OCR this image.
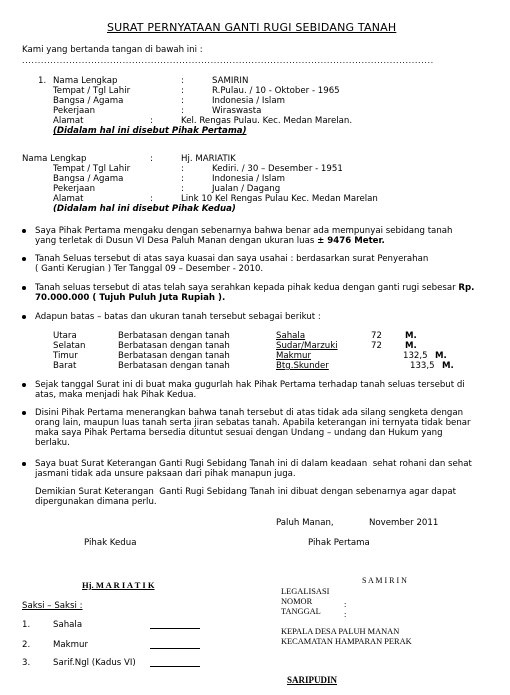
SURAT PERNYATAAN GANTI RUGI SEBIDANG TANAH
Kami yang bertanda tangan di bawah ini :
...................................................................................................................................
1. Nama Lengkap	:	SAMIRIN
Tempat / Tgl Lahir	:	R.Pulau. / 10 - Oktober - 1965
Bangsa / Agama	:	Indonesia / Islam
Pekerjaan	:	Wiraswasta
Alamat	:	Kel. Rengas Pulau. Kec. Medan Marelan.
(Didalam hal ini disebut Pihak Pertama)
Nama Lengkap	:	Hj. MARIATIK
Tempat / Tgl Lahir	:	Kediri. / 30 – Desember - 1951
Bangsa / Agama	:	Indonesia / Islam
Pekerjaan	:	Jualan / Dagang
Alamat	:	Link 10 Kel Rengas Pulau Kec. Medan Marelan
(Didalam hal ini disebut Pihak Kedua)
Saya Pihak Pertama mengaku dengan sebenarnya bahwa benar ada mempunyai sebidang tanah
yang terletak di Dusun VI Desa Paluh Manan dengan ukuran luas ± 9476 Meter.
Tanah Seluas tersebut di atas saya kuasai dan saya usahai : berdasarkan surat Penyerahan
( Ganti Kerugian ) Ter Tanggal 09 – Desember - 2010.
Tanah seluas tersebut di atas telah saya serahkan kepada pihak kedua dengan ganti rugi sebesar Rp.
70.000.000 ( Tujuh Puluh Juta Rupiah ).
Adapun batas – batas dan ukuran tanah tersebut sebagai berikut :
Utara	Berbatasan dengan tanah	Sahala	72	M.
Selatan	Berbatasan dengan tanah	Sudar/Marzuki	72	M.
Timur	Berbatasan dengan tanah	Makmur	132,5 M.
Barat	Berbatasan dengan tanah	Btg.Skunder	133,5 M.
Sejak tanggal Surat ini di buat maka gugurlah hak Pihak Pertama terhadap tanah seluas tersebut di
atas, maka menjadi hak Pihak Kedua.
Disini Pihak Pertama menerangkan bahwa tanah tersebut di atas tidak ada silang sengketa dengan
orang lain, maupun luas tanah serta jiran sebatas tanah. Apabila keterangan ini ternyata tidak benar
maka saya Pihak Pertama bersedia dituntut sesuai dengan Undang – undang dan Hukum yang
berlaku.
Saya buat Surat Keterangan Ganti Rugi Sebidang Tanah ini di dalam keadaan  sehat rohani dan sehat
jasmani tidak ada unsure paksaan dari pihak manapun juga.
Demikian Surat Keterangan  Ganti Rugi Sebidang Tanah ini dibuat dengan sebenarnya agar dapat
dipergunakan dimana perlu.
Paluh Manan,	November 2011
Pihak Kedua	Pihak Pertama
Hj. M A R I A T I K	S A M I R I N
LEGALISASI
NOMOR	:
TANGGAL	:
Saksi – Saksi :
1.	Sahala
2.	Makmur
3.	Sarif.Ngl (Kadus VI)
KEPALA DESA PALUH MANAN
KECAMATAN HAMPARAN PERAK
SARIPUDIN
